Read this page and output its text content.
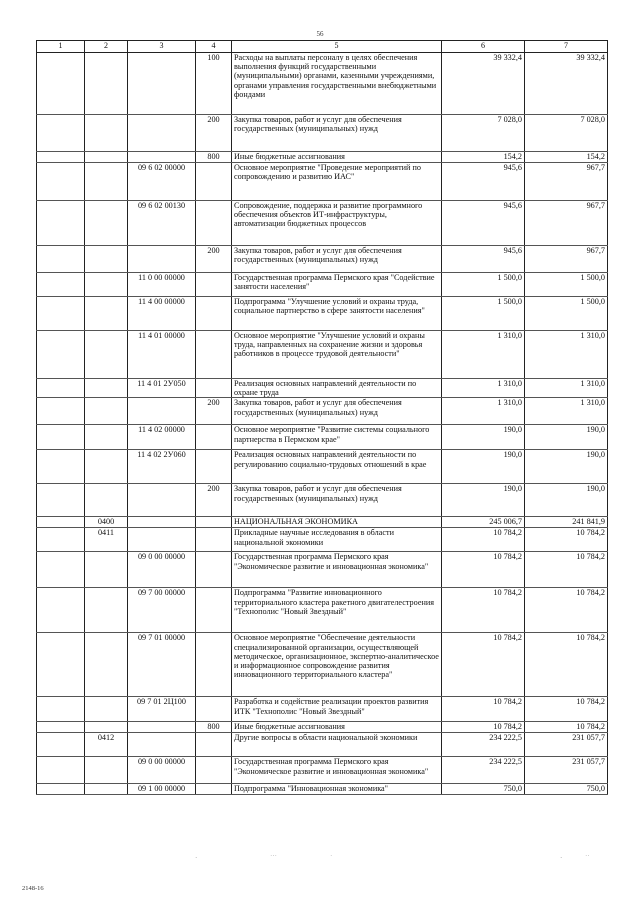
56
1	2	3	4	5	6	7
			100	Расходы на выплаты персоналу в целях обеспечения выполнения функций государственными (муниципальными) органами, казенными учреждениями, органами управления государственными внебюджетными фондами	39 332,4	39 332,4
			200	Закупка товаров, работ и услуг для обеспечения государственных (муниципальных) нужд	7 028,0	7 028,0
			800	Иные бюджетные ассигнования	154,2	154,2
		09 6 02 00000		Основное мероприятие "Проведение мероприятий по сопровождению и развитию ИАС"	945,6	967,7
		09 6 02 00130		Сопровождение, поддержка и развитие программного обеспечения объектов ИТ-инфраструктуры, автоматизации бюджетных процессов	945,6	967,7
			200	Закупка товаров, работ и услуг для обеспечения государственных (муниципальных) нужд	945,6	967,7
		11 0 00 00000		Государственная программа Пермского края "Содействие занятости населения"	1 500,0	1 500,0
		11 4 00 00000		Подпрограмма "Улучшение условий и охраны труда, социальное партнерство в сфере занятости населения"	1 500,0	1 500,0
		11 4 01 00000		Основное мероприятие "Улучшение условий и охраны труда, направленных на сохранение жизни и здоровья работников в процессе трудовой деятельности"	1 310,0	1 310,0
		11 4 01 2У050		Реализация основных направлений деятельности по охране труда	1 310,0	1 310,0
			200	Закупка товаров, работ и услуг для обеспечения государственных (муниципальных) нужд	1 310,0	1 310,0
		11 4 02 00000		Основное мероприятие "Развитие системы социального партнерства в Пермском крае"	190,0	190,0
		11 4 02 2У060		Реализация основных направлений деятельности по регулированию социально-трудовых отношений в крае	190,0	190,0
			200	Закупка товаров, работ и услуг для обеспечения государственных (муниципальных) нужд	190,0	190,0
	0400			НАЦИОНАЛЬНАЯ ЭКОНОМИКА	245 006,7	241 841,9
	0411			Прикладные научные исследования в области национальной экономики	10 784,2	10 784,2
		09 0 00 00000		Государственная программа Пермского края "Экономическое развитие и инновационная экономика"	10 784,2	10 784,2
		09 7 00 00000		Подпрограмма "Развитие инновационного территориального кластера ракетного двигателестроения "Технополис "Новый Звездный"	10 784,2	10 784,2
		09 7 01 00000		Основное мероприятие "Обеспечение деятельности специализированной организации, осуществляющей методическое, организационное, экспертно-аналитическое и информационное сопровождение развития инновационного территориального кластера"	10 784,2	10 784,2
		09 7 01 2Ц100		Разработка и содействие реализации проектов развития ИТК "Технополис "Новый Звездный"	10 784,2	10 784,2
			800	Иные бюджетные ассигнования	10 784,2	10 784,2
	0412			Другие вопросы в области национальной экономики	234 222,5	231 057,7
		09 0 00 00000		Государственная программа Пермского края "Экономическое развитие и инновационная экономика"	234 222,5	231 057,7
		09 1 00 00000		Подпрограмма "Инновационная экономика"	750,0	750,0
·	˙˙˙	˙	·	˙˙
2148-16
